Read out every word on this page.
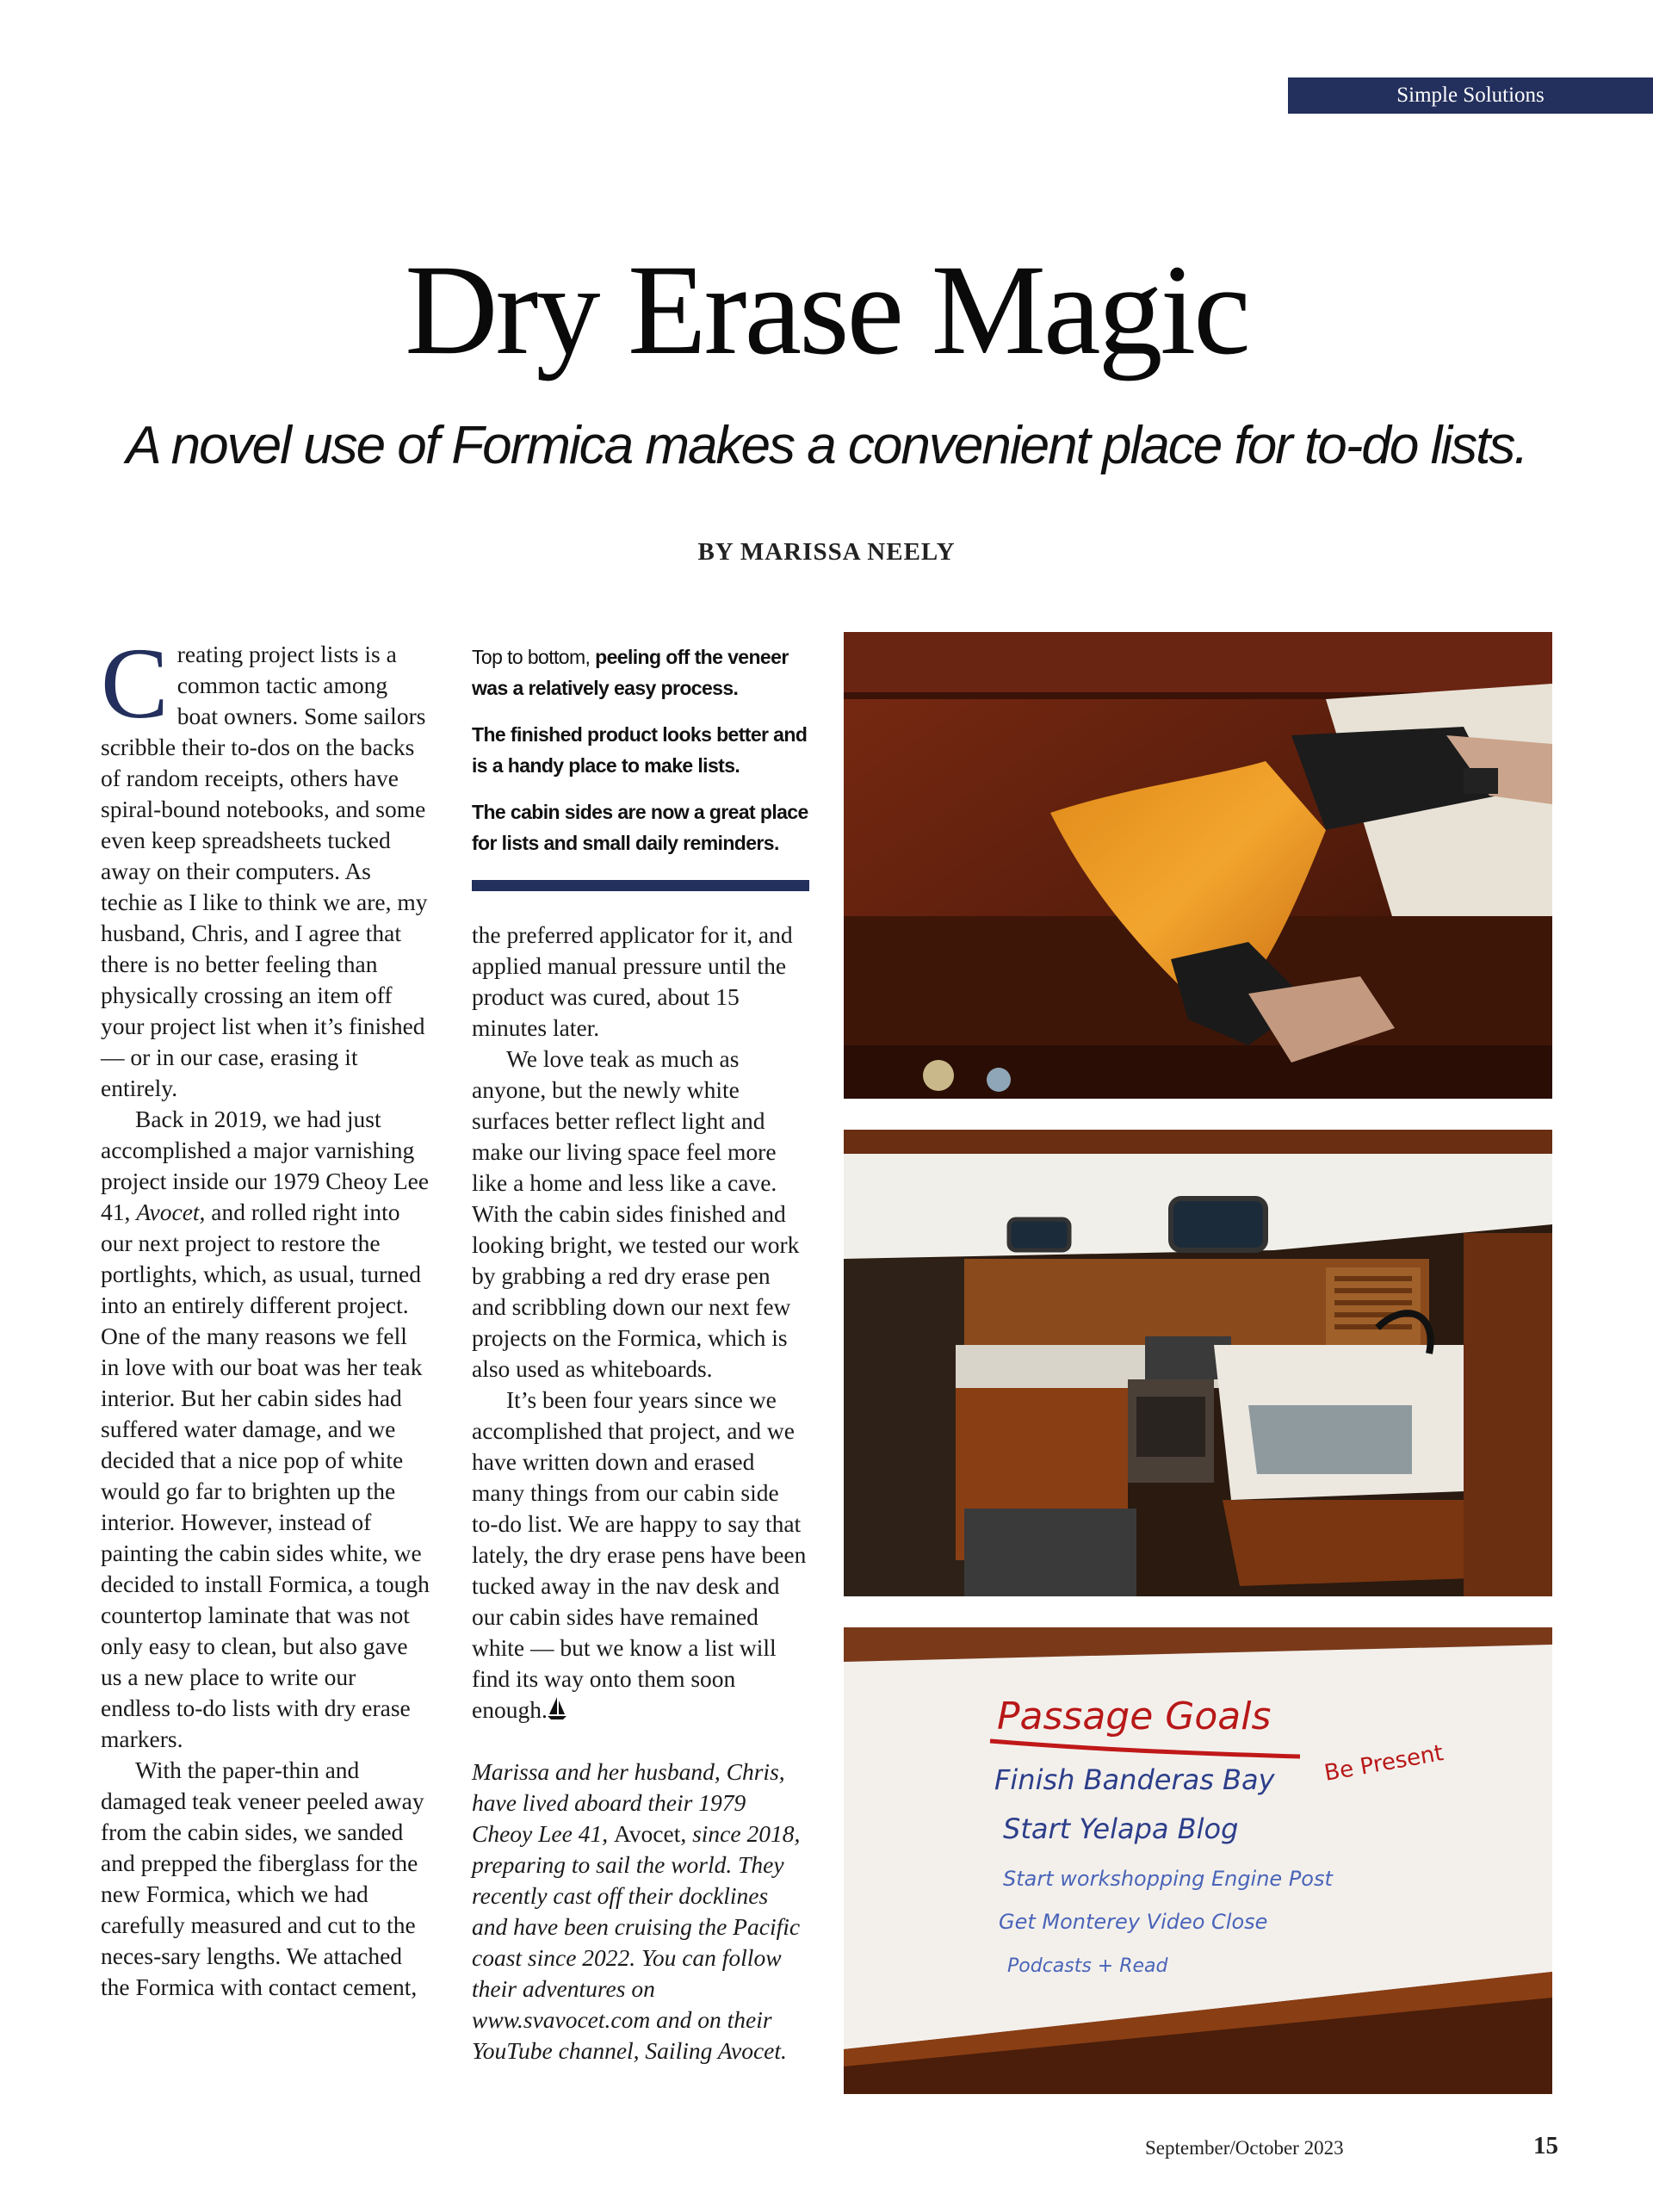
Simple Solutions
Dry Erase Magic
A novel use of Formica makes a convenient place for to-do lists.
BY MARISSA NEELY

Creating project lists is a common tactic among boat owners. Some sailors scribble their to-dos on the backs of random receipts, others have spiral-bound notebooks, and some even keep spreadsheets tucked away on their computers. As techie as I like to think we are, my husband, Chris, and I agree that there is no better feeling than physically crossing an item off your project list when it’s finished — or in our case, erasing it entirely.

Back in 2019, we had just accomplished a major varnishing project inside our 1979 Cheoy Lee 41, Avocet, and rolled right into our next project to restore the portlights, which, as usual, turned into an entirely different project. One of the many reasons we fell in love with our boat was her teak interior. But her cabin sides had suffered water damage, and we decided that a nice pop of white would go far to brighten up the interior. However, instead of painting the cabin sides white, we decided to install Formica, a tough countertop laminate that was not only easy to clean, but also gave us a new place to write our endless to-do lists with dry erase markers.

With the paper-thin and damaged teak veneer peeled away from the cabin sides, we sanded and prepped the fiberglass for the new Formica, which we had carefully measured and cut to the neces-sary lengths. We attached the Formica with contact cement,

Top to bottom, peeling off the veneer was a relatively easy process.

The finished product looks better and is a handy place to make lists.

The cabin sides are now a great place for lists and small daily reminders.

the preferred applicator for it, and applied manual pressure until the product was cured, about 15 minutes later.

We love teak as much as anyone, but the newly white surfaces better reflect light and make our living space feel more like a home and less like a cave. With the cabin sides finished and looking bright, we tested our work by grabbing a red dry erase pen and scribbling down our next few projects on the Formica, which is also used as whiteboards.

It’s been four years since we accomplished that project, and we have written down and erased many things from our cabin side to-do list. We are happy to say that lately, the dry erase pens have been tucked away in the nav desk and our cabin sides have remained white — but we know a list will find its way onto them soon enough.

Marissa and her husband, Chris, have lived aboard their 1979 Cheoy Lee 41, Avocet, since 2018, preparing to sail the world. They recently cast off their docklines and have been cruising the Pacific coast since 2022. You can follow their adventures on www.svavocet.com and on their YouTube channel, Sailing Avocet.

Passage Goals
Be Present
Finish Banderas Bay
Start Yelapa Blog
Start workshopping Engine Post
Get Monterey Video Close
Podcasts + Read
September/October 2023	15
